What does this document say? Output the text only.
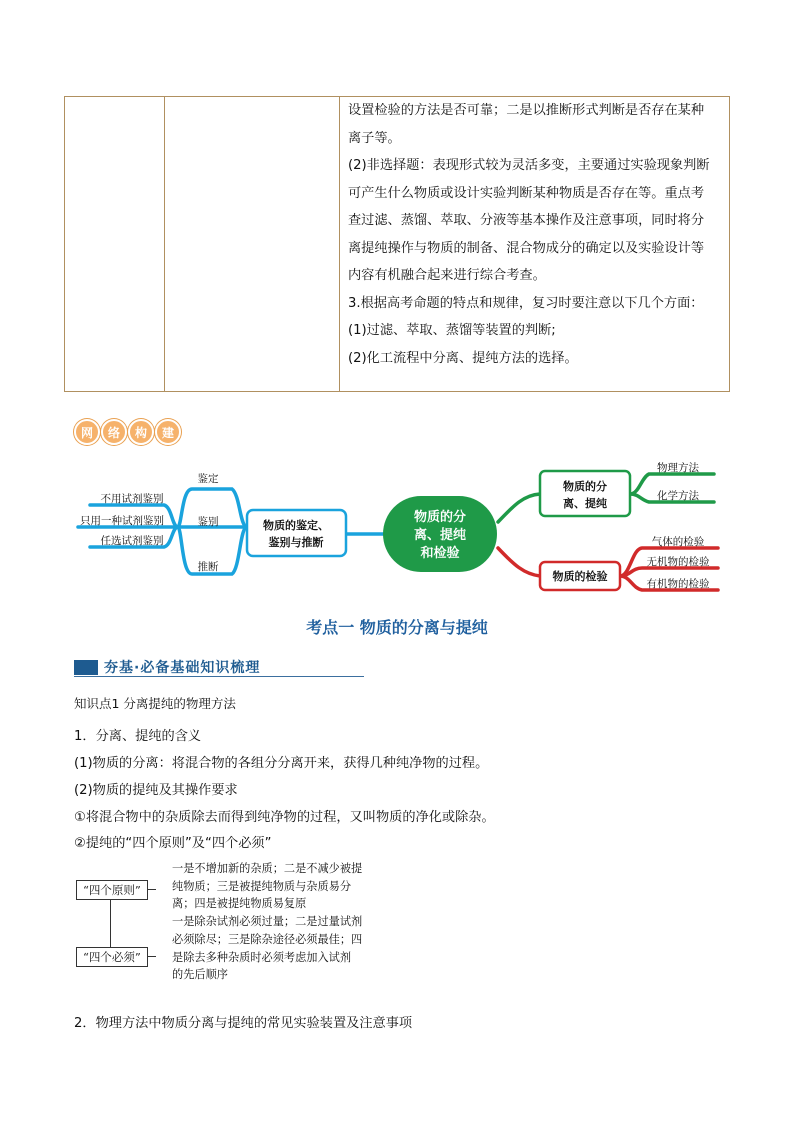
设置检验的方法是否可靠；二是以推断形式判断是否存在某种

离子等。

(2)非选择题：表现形式较为灵活多变，主要通过实验现象判断

可产生什么物质或设计实验判断某种物质是否存在等。重点考

查过滤、蒸馏、萃取、分液等基本操作及注意事项，同时将分

离提纯操作与物质的制备、混合物成分的确定以及实验设计等

内容有机融合起来进行综合考查。

3.根据高考命题的特点和规律，复习时要注意以下几个方面：

(1)过滤、萃取、蒸馏等装置的判断;

(2)化工流程中分离、提纯方法的选择。

网	络	构	建
物质的鉴定、
鉴别与推断
物质的分
离、提纯
和检验
物质的分
离、提纯
物质的检验
鉴定
鉴别
推断
不用试剂鉴别
只用一种试剂鉴别
任选试剂鉴别
物理方法
化学方法
气体的检验
无机物的检验
有机物的检验
考点一 物质的分离与提纯
夯基·必备基础知识梳理
知识点1 分离提纯的物理方法
1．分离、提纯的含义
(1)物质的分离：将混合物的各组分分离开来，获得几种纯净物的过程。
(2)物质的提纯及其操作要求
①将混合物中的杂质除去而得到纯净物的过程，又叫物质的净化或除杂。
②提纯的“四个原则”及“四个必须”
“四个原则”
“四个必须”
一是不增加新的杂质；二是不减少被提
纯物质；三是被提纯物质与杂质易分
离；四是被提纯物质易复原
一是除杂试剂必须过量；二是过量试剂
必须除尽；三是除杂途径必须最佳；四
是除去多种杂质时必须考虑加入试剂
的先后顺序
2．物理方法中物质分离与提纯的常见实验装置及注意事项
